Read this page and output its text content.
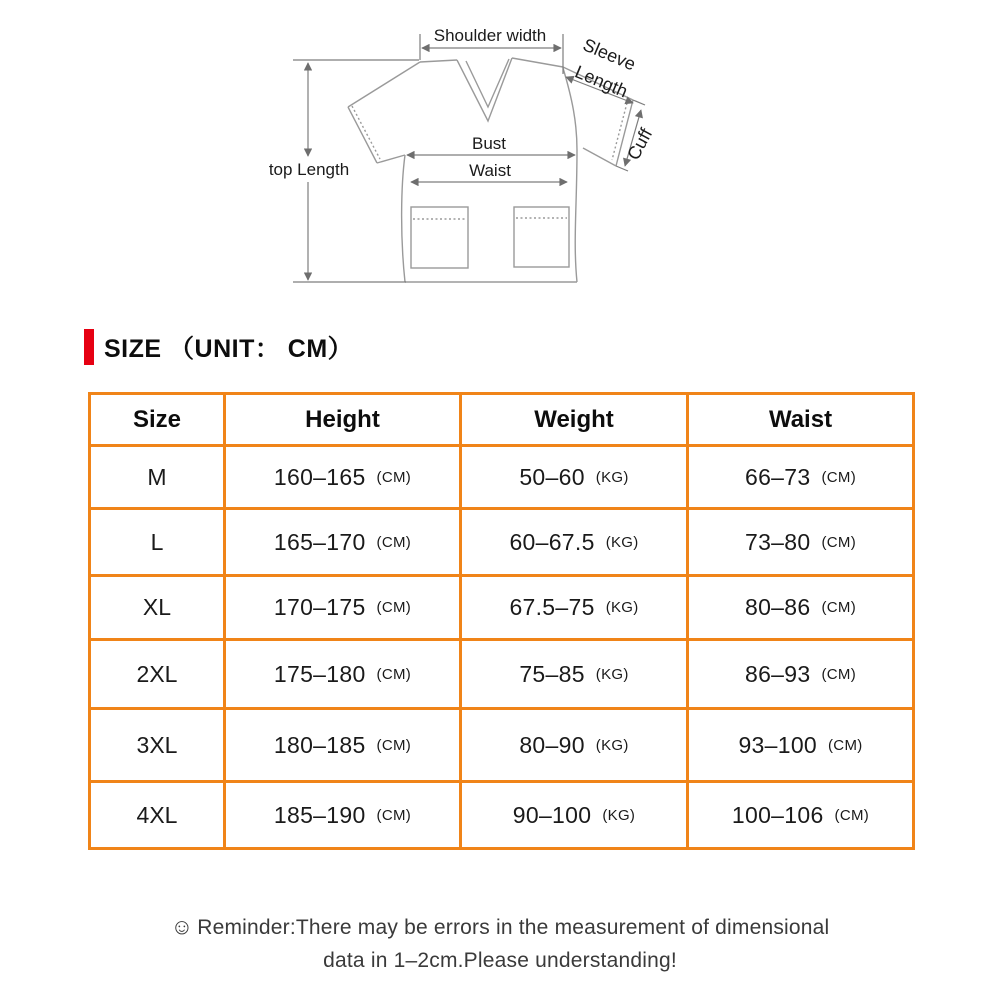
Shoulder width
top Length
Bust
Waist
Sleeve
Length
Cuff
SIZE （UNIT： CM）
Size	Height	Weight	Waist
M	160–165 (CM)	50–60 (KG)	66–73 (CM)

L	165–170 (CM)	60–67.5 (KG)	73–80 (CM)

XL	170–175 (CM)	67.5–75 (KG)	80–86 (CM)

2XL	175–180 (CM)	75–85 (KG)	86–93 (CM)

3XL	180–185 (CM)	80–90 (KG)	93–100 (CM)

4XL	185–190 (CM)	90–100 (KG)	100–106 (CM)
☺ Reminder:There may be errors in the measurement of dimensional
data in 1–2cm.Please understanding!
